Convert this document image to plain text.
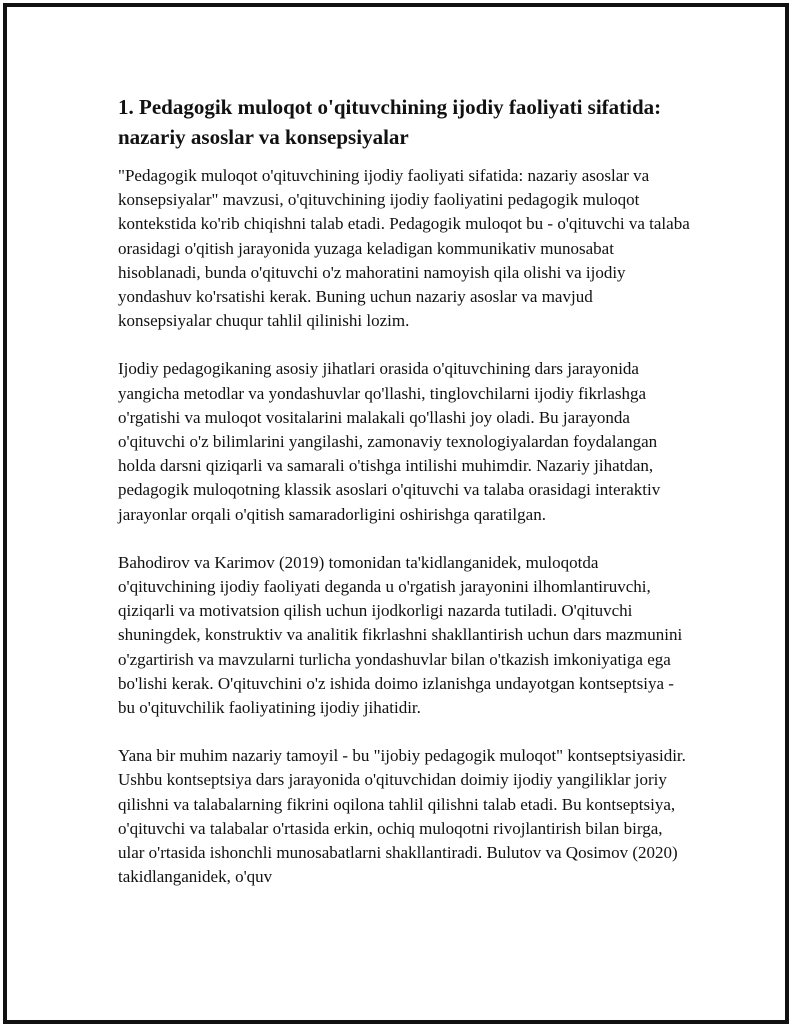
1. Pedagogik muloqot o'qituvchining ijodiy faoliyati sifatida: nazariy asoslar va konsepsiyalar

"Pedagogik muloqot o'qituvchining ijodiy faoliyati sifatida: nazariy asoslar va konsepsiyalar" mavzusi, o'qituvchining ijodiy faoliyatini pedagogik muloqot kontekstida ko'rib chiqishni talab etadi. Pedagogik muloqot bu - o'qituvchi va talaba orasidagi o'qitish jarayonida yuzaga keladigan kommunikativ munosabat hisoblanadi, bunda o'qituvchi o'z mahoratini namoyish qila olishi va ijodiy yondashuv ko'rsatishi kerak. Buning uchun nazariy asoslar va mavjud konsepsiyalar chuqur tahlil qilinishi lozim.

Ijodiy pedagogikaning asosiy jihatlari orasida o'qituvchining dars jarayonida yangicha metodlar va yondashuvlar qo'llashi, tinglovchilarni ijodiy fikrlashga o'rgatishi va muloqot vositalarini malakali qo'llashi joy oladi. Bu jarayonda o'qituvchi o'z bilimlarini yangilashi, zamonaviy texnologiyalardan foydalangan holda darsni qiziqarli va samarali o'tishga intilishi muhimdir. Nazariy jihatdan, pedagogik muloqotning klassik asoslari o'qituvchi va talaba orasidagi interaktiv jarayonlar orqali o'qitish samaradorligini oshirishga qaratilgan.

Bahodirov va Karimov (2019) tomonidan ta'kidlanganidek, muloqotda o'qituvchining ijodiy faoliyati deganda u o'rgatish jarayonini ilhomlantiruvchi, qiziqarli va motivatsion qilish uchun ijodkorligi nazarda tutiladi. O'qituvchi shuningdek, konstruktiv va analitik fikrlashni shakllantirish uchun dars mazmunini o'zgartirish va mavzularni turlicha yondashuvlar bilan o'tkazish imkoniyatiga ega bo'lishi kerak. O'qituvchini o'z ishida doimo izlanishga undayotgan kontseptsiya - bu o'qituvchilik faoliyatining ijodiy jihatidir.

Yana bir muhim nazariy tamoyil - bu "ijobiy pedagogik muloqot" kontseptsiyasidir. Ushbu kontseptsiya dars jarayonida o'qituvchidan doimiy ijodiy yangiliklar joriy qilishni va talabalarning fikrini oqilona tahlil qilishni talab etadi. Bu kontseptsiya, o'qituvchi va talabalar o'rtasida erkin, ochiq muloqotni rivojlantirish bilan birga, ular o'rtasida ishonchli munosabatlarni shakllantiradi. Bulutov va Qosimov (2020) takidlanganidek, o'quv
